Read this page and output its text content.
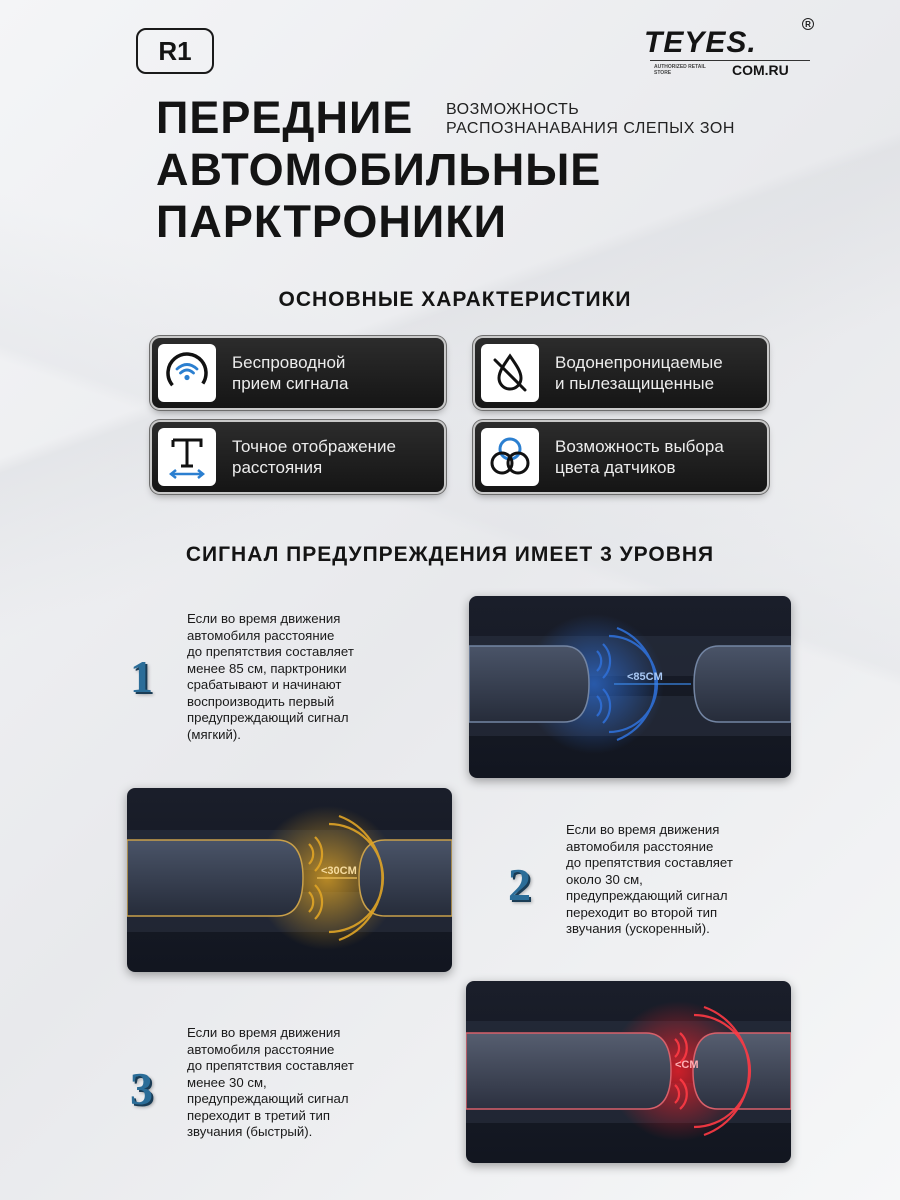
R1	TEYES.
R
AUTHORIZED RETAIL STORE	COM.RU
ПЕРЕДНИЕ
АВТОМОБИЛЬНЫЕ
ПАРКТРОНИКИ
ВОЗМОЖНОСТЬ
РАСПОЗНАНАВАНИЯ СЛЕПЫХ ЗОН
ОСНОВНЫЕ ХАРАКТЕРИСТИКИ
Беспроводной
прием сигнала
Водонепроницаемые
и пылезащищенные
Точное отображение
расстояния
Возможность выбора
цвета датчиков
СИГНАЛ ПРЕДУПРЕЖДЕНИЯ ИМЕЕТ 3 УРОВНЯ
1
Если во время движения
автомобиля расстояние
до препятствия составляет
менее 85 см, парктроники
срабатывают и начинают
воспроизводить первый
предупреждающий сигнал
(мягкий).
<85CM
2
Если во время движения
автомобиля расстояние
до препятствия составляет
около 30 см,
предупреждающий сигнал
переходит во второй тип
звучания (ускоренный).
<30CM
3
Если во время движения
автомобиля расстояние
до препятствия составляет
менее 30 см,
предупреждающий сигнал
переходит в третий тип
звучания (быстрый).
<CM
